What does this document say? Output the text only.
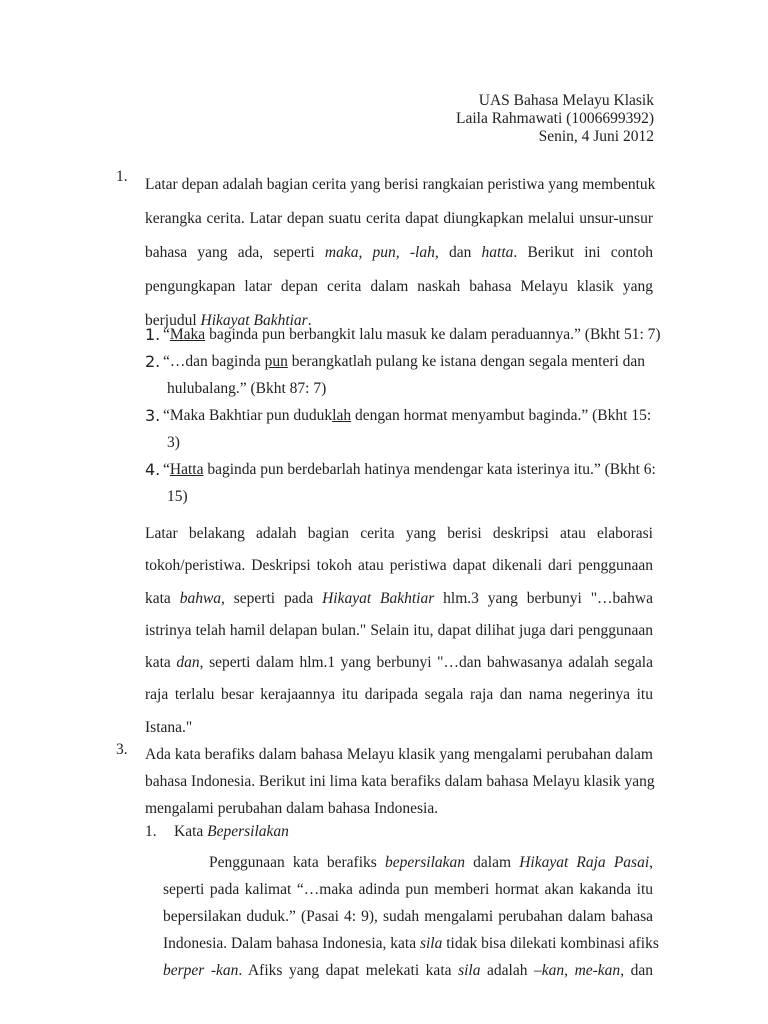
UAS Bahasa Melayu Klasik
Laila Rahmawati (1006699392)
Senin, 4 Juni 2012
1. Latar depan adalah bagian cerita yang berisi rangkaian peristiwa yang membentuk
kerangka cerita. Latar depan suatu cerita dapat diungkapkan melalui unsur-unsur
bahasa yang ada, seperti maka, pun, -lah, dan hatta. Berikut ini contoh
pengungkapan latar depan cerita dalam naskah bahasa Melayu klasik yang
berjudul Hikayat Bakhtiar.
1. “Maka baginda pun berbangkit lalu masuk ke dalam peraduannya.” (Bkht 51: 7)
2. “…dan baginda pun berangkatlah pulang ke istana dengan segala menteri dan
hulubalang.” (Bkht 87: 7)
3. “Maka Bakhtiar pun duduklah dengan hormat menyambut baginda.” (Bkht 15:
3)
4. “Hatta baginda pun berdebarlah hatinya mendengar kata isterinya itu.” (Bkht 6:
15)
Latar belakang adalah bagian cerita yang berisi deskripsi atau elaborasi
tokoh/peristiwa. Deskripsi tokoh atau peristiwa dapat dikenali dari penggunaan
kata bahwa, seperti pada Hikayat Bakhtiar hlm.3 yang berbunyi "…bahwa
istrinya telah hamil delapan bulan." Selain itu, dapat dilihat juga dari penggunaan
kata dan, seperti dalam hlm.1 yang berbunyi "…dan bahwasanya adalah segala
raja terlalu besar kerajaannya itu daripada segala raja dan nama negerinya itu
Istana."
3. Ada kata berafiks dalam bahasa Melayu klasik yang mengalami perubahan dalam
bahasa Indonesia. Berikut ini lima kata berafiks dalam bahasa Melayu klasik yang
mengalami perubahan dalam bahasa Indonesia.
1. Kata Bepersilakan
Penggunaan kata berafiks bepersilakan dalam Hikayat Raja Pasai,
seperti pada kalimat “…maka adinda pun memberi hormat akan kakanda itu
bepersilakan duduk.” (Pasai 4: 9), sudah mengalami perubahan dalam bahasa
Indonesia. Dalam bahasa Indonesia, kata sila tidak bisa dilekati kombinasi afiks
berper -kan. Afiks yang dapat melekati kata sila adalah –kan, me-kan, dan
